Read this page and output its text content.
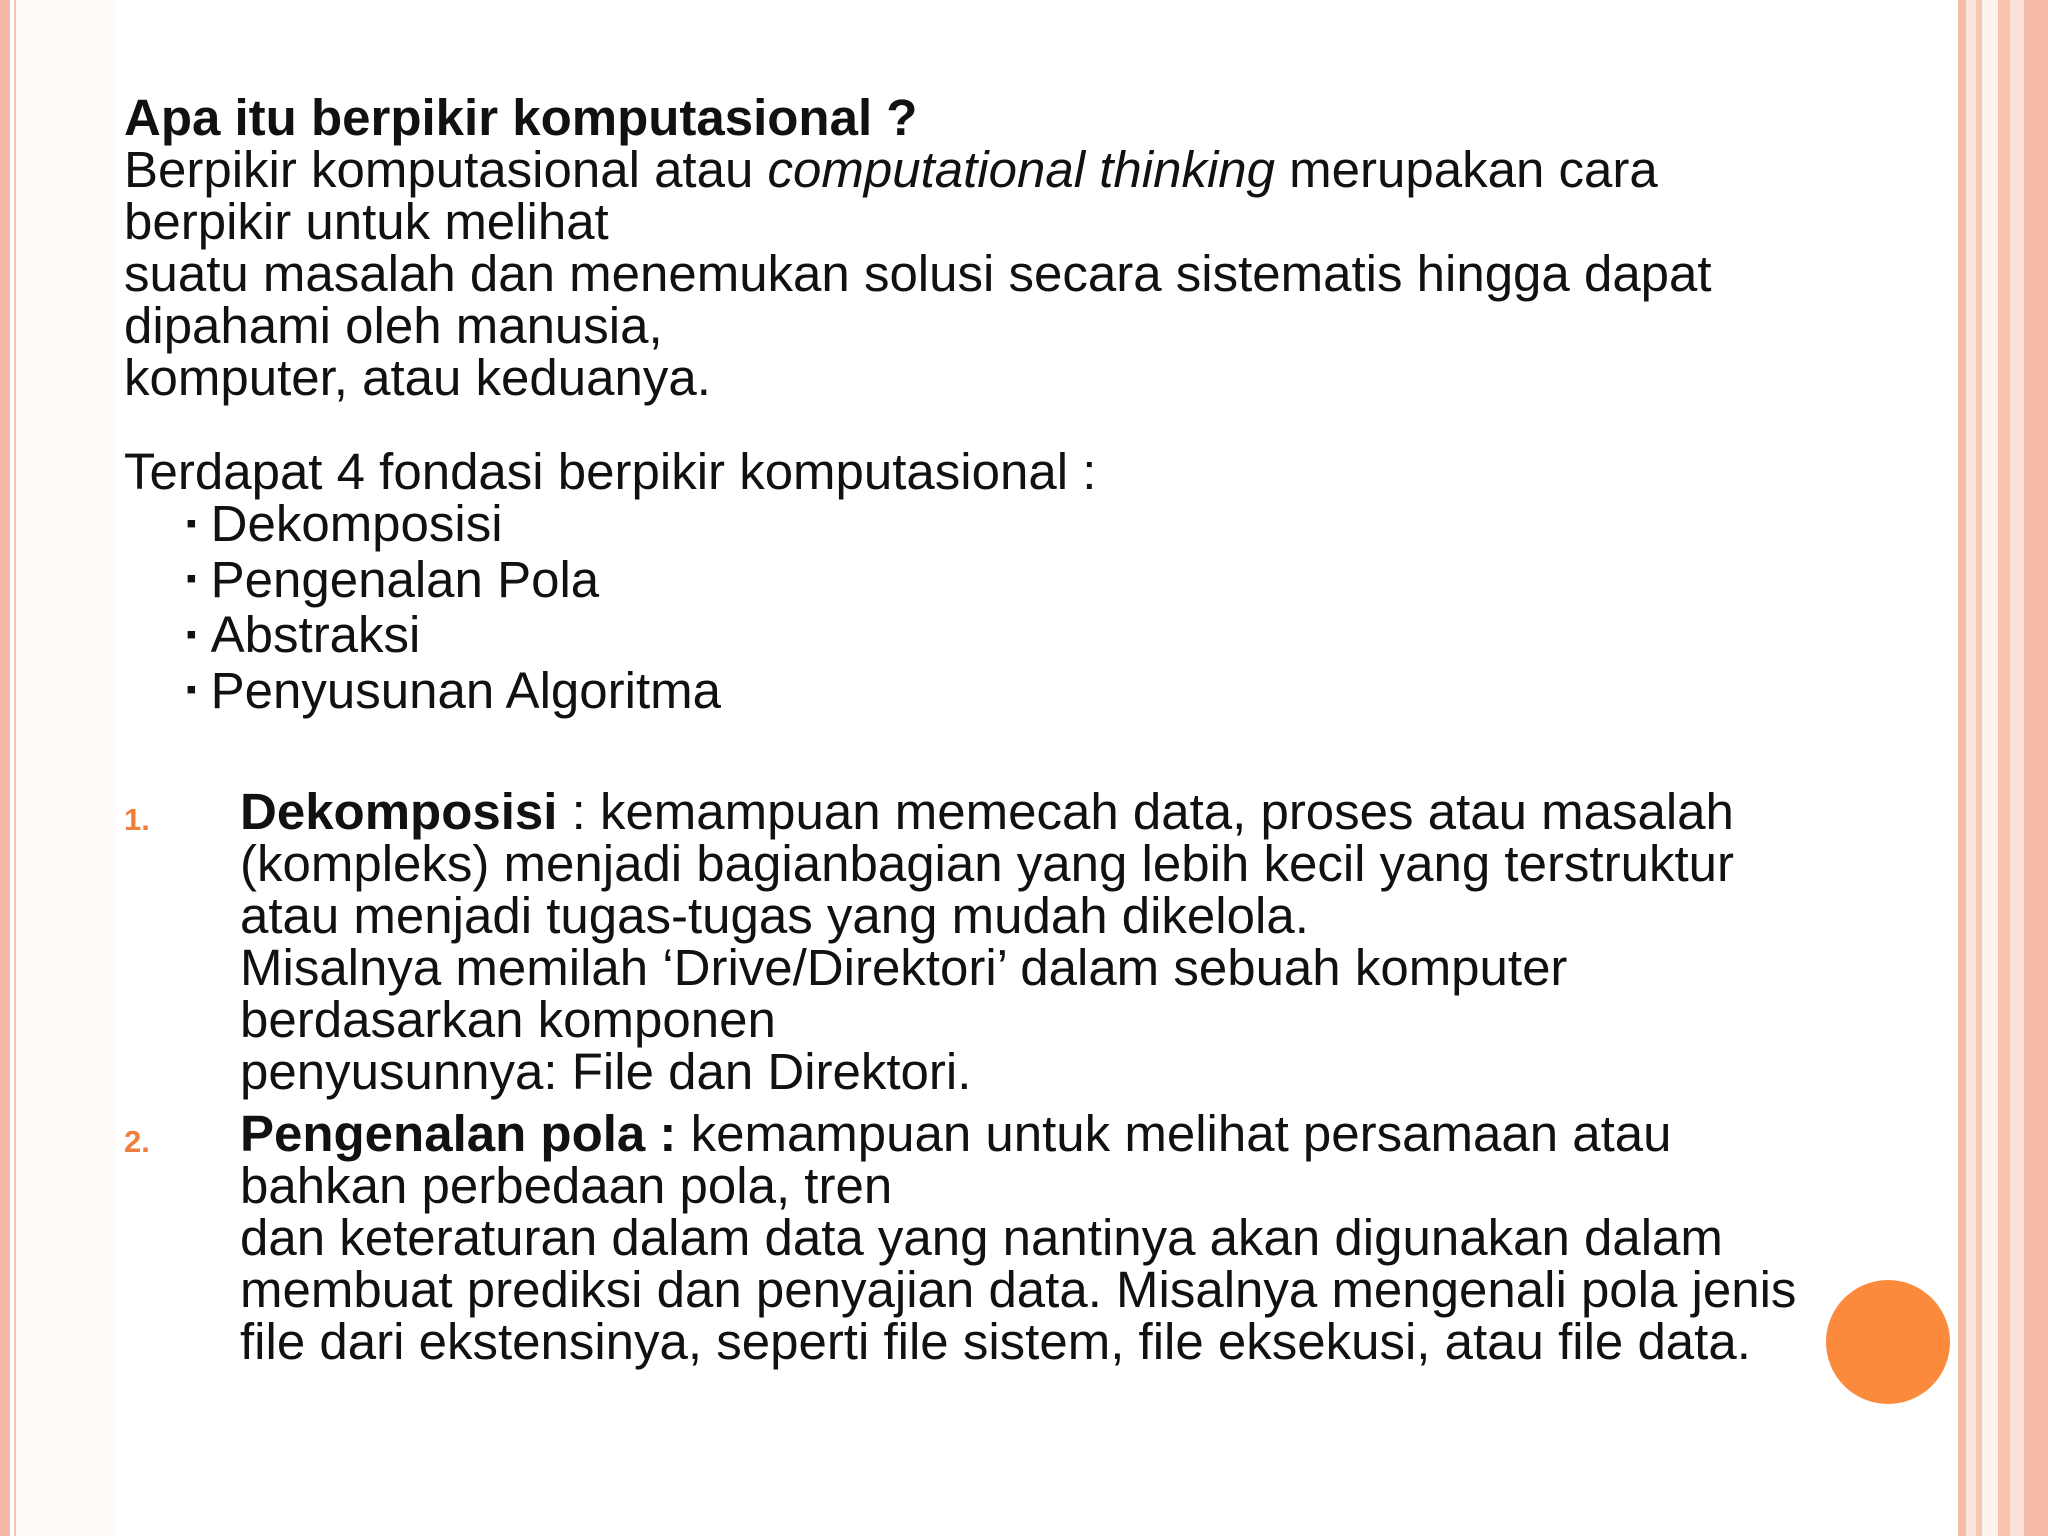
Apa itu berpikir komputasional ?

Berpikir komputasional atau computational thinking merupakan cara

berpikir untuk melihat

suatu masalah dan menemukan solusi secara sistematis hingga dapat

dipahami oleh manusia,

komputer, atau keduanya.

Terdapat 4 fondasi berpikir komputasional :

▪ Dekomposisi
▪ Pengenalan Pola
▪ Abstraksi
▪ Penyusunan Algoritma
1. Dekomposisi : kemampuan memecah data, proses atau masalah

(kompleks) menjadi bagianbagian yang lebih kecil yang terstruktur

atau menjadi tugas-tugas yang mudah dikelola.

Misalnya memilah ‘Drive/Direktori’ dalam sebuah komputer

berdasarkan komponen

penyusunnya: File dan Direktori.

2. Pengenalan pola : kemampuan untuk melihat persamaan atau

bahkan perbedaan pola, tren

dan keteraturan dalam data yang nantinya akan digunakan dalam

membuat prediksi dan penyajian data. Misalnya mengenali pola jenis

file dari ekstensinya, seperti file sistem, file eksekusi, atau file data.
